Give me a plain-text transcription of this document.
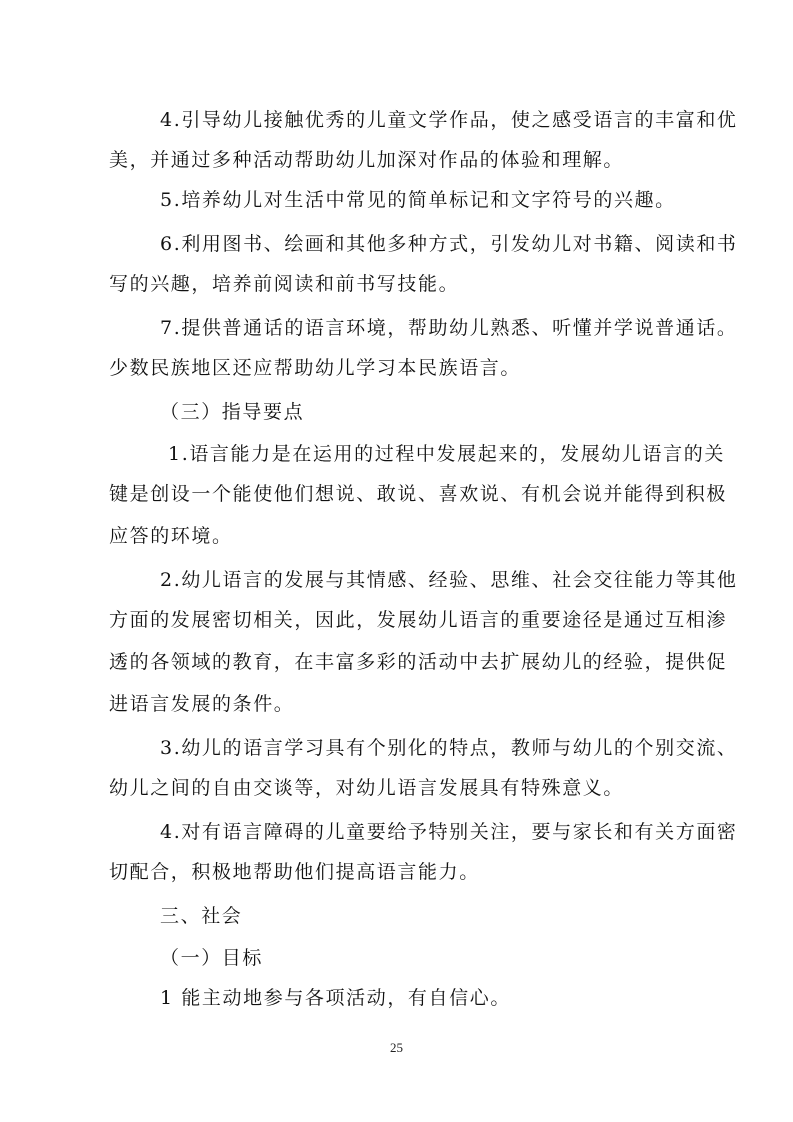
4.引导幼儿接触优秀的儿童文学作品，使之感受语言的丰富和优
美，并通过多种活动帮助幼儿加深对作品的体验和理解。
5.培养幼儿对生活中常见的简单标记和文字符号的兴趣。
6.利用图书、绘画和其他多种方式，引发幼儿对书籍、阅读和书
写的兴趣，培养前阅读和前书写技能。
7.提供普通话的语言环境，帮助幼儿熟悉、听懂并学说普通话。
少数民族地区还应帮助幼儿学习本民族语言。
（三）指导要点
1.语言能力是在运用的过程中发展起来的，发展幼儿语言的关
键是创设一个能使他们想说、敢说、喜欢说、有机会说并能得到积极
应答的环境。
2.幼儿语言的发展与其情感、经验、思维、社会交往能力等其他
方面的发展密切相关，因此，发展幼儿语言的重要途径是通过互相渗
透的各领域的教育，在丰富多彩的活动中去扩展幼儿的经验，提供促
进语言发展的条件。
3.幼儿的语言学习具有个别化的特点，教师与幼儿的个别交流、
幼儿之间的自由交谈等，对幼儿语言发展具有特殊意义。
4.对有语言障碍的儿童要给予特别关注，要与家长和有关方面密
切配合，积极地帮助他们提高语言能力。
三、社会
（一）目标
1 能主动地参与各项活动，有自信心。
25
